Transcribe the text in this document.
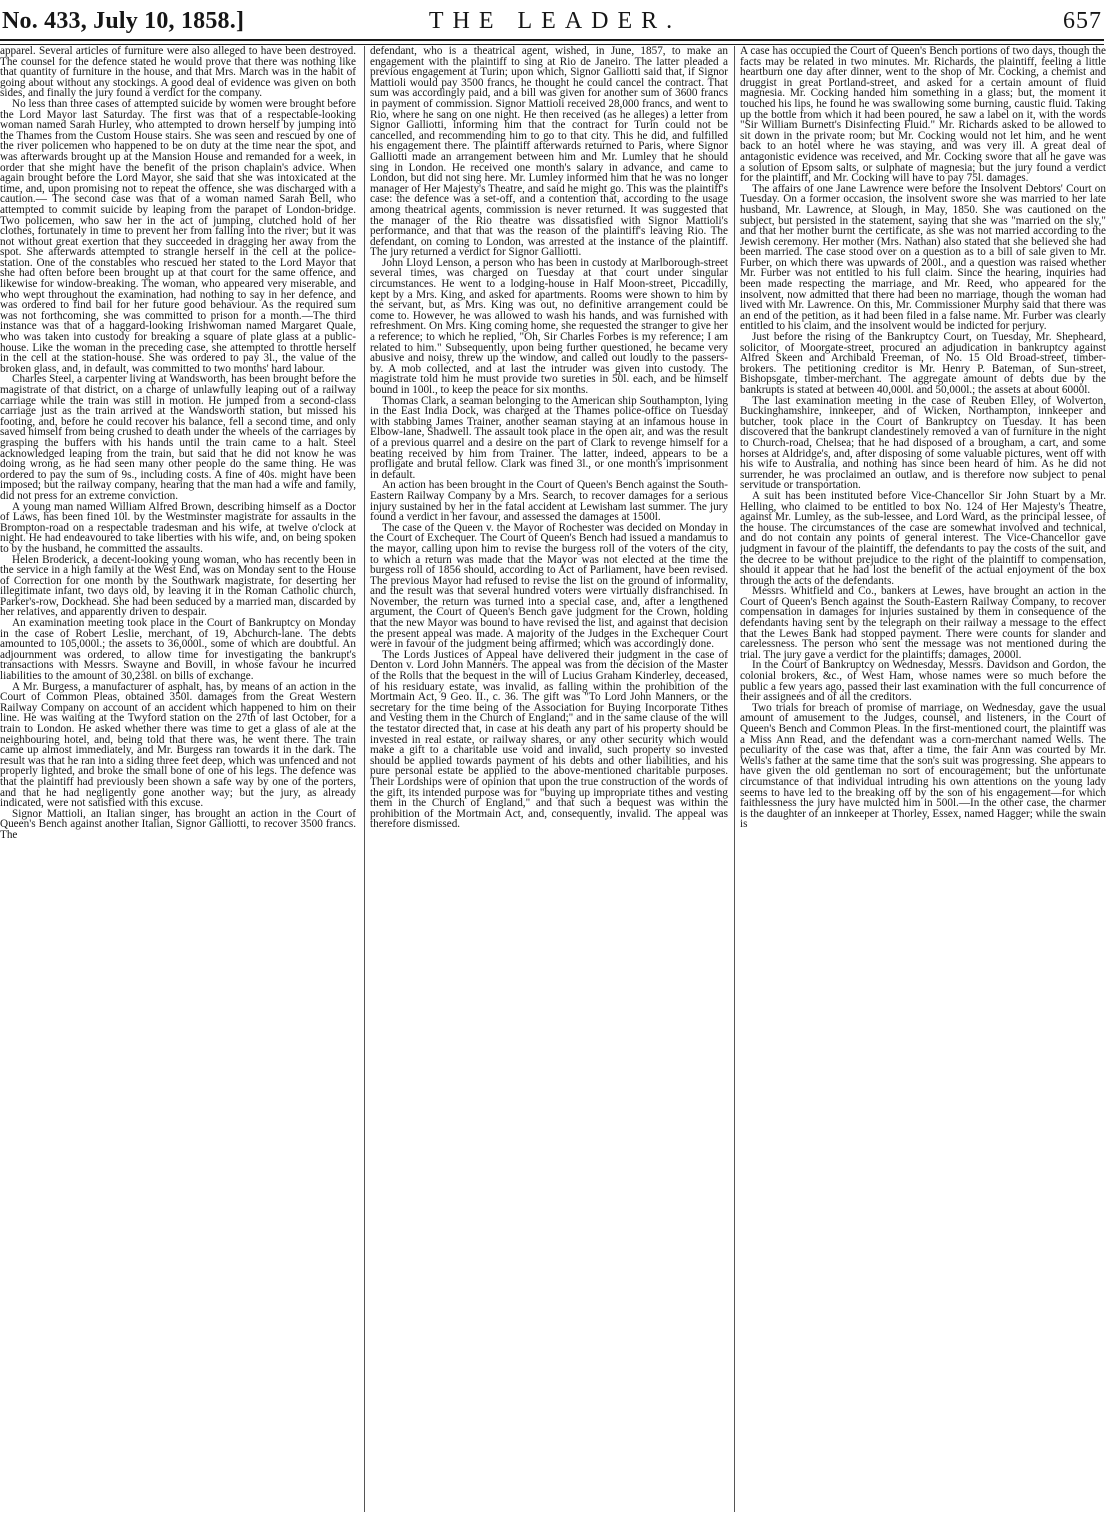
No. 433, July 10, 1858.]	THE LEADER.	657

apparel. Several articles of furniture were also alleged to have been destroyed. The counsel for the defence stated he would prove that there was nothing like that quantity of furniture in the house, and that Mrs. March was in the habit of going about without any stockings. A good deal of evidence was given on both sides, and finally the jury found a verdict for the company.

No less than three cases of attempted suicide by women were brought before the Lord Mayor last Saturday. The first was that of a respectable-looking woman named Sarah Hurley, who attempted to drown herself by jumping into the Thames from the Custom House stairs. She was seen and rescued by one of the river policemen who happened to be on duty at the time near the spot, and was afterwards brought up at the Mansion House and remanded for a week, in order that she might have the benefit of the prison chaplain's advice. When again brought before the Lord Mayor, she said that she was intoxicated at the time, and, upon promising not to repeat the offence, she was discharged with a caution.— The second case was that of a woman named Sarah Bell, who attempted to commit suicide by leaping from the parapet of London-bridge. Two policemen, who saw her in the act of jumping, clutched hold of her clothes, fortunately in time to prevent her from falling into the river; but it was not without great exertion that they succeeded in dragging her away from the spot. She afterwards attempted to strangle herself in the cell at the police-station. One of the constables who rescued her stated to the Lord Mayor that she had often before been brought up at that court for the same offence, and likewise for window-breaking. The woman, who appeared very miserable, and who wept throughout the examination, had nothing to say in her defence, and was ordered to find bail for her future good behaviour. As the required sum was not forthcoming, she was committed to prison for a month.—The third instance was that of a haggard-looking Irishwoman named Margaret Quale, who was taken into custody for breaking a square of plate glass at a public-house. Like the woman in the preceding case, she attempted to throttle herself in the cell at the station-house. She was ordered to pay 3l., the value of the broken glass, and, in default, was committed to two months' hard labour.

Charles Steel, a carpenter living at Wandsworth, has been brought before the magistrate of that district, on a charge of unlawfully leaping out of a railway carriage while the train was still in motion. He jumped from a second-class carriage just as the train arrived at the Wandsworth station, but missed his footing, and, before he could recover his balance, fell a second time, and only saved himself from being crushed to death under the wheels of the carriages by grasping the buffers with his hands until the train came to a halt. Steel acknowledged leaping from the train, but said that he did not know he was doing wrong, as he had seen many other people do the same thing. He was ordered to pay the sum of 9s., including costs. A fine of 40s. might have been imposed; but the railway company, hearing that the man had a wife and family, did not press for an extreme conviction.

A young man named William Alfred Brown, describing himself as a Doctor of Laws, has been fined 10l. by the Westminster magistrate for assaults in the Brompton-road on a respectable tradesman and his wife, at twelve o'clock at night. He had endeavoured to take liberties with his wife, and, on being spoken to by the husband, he committed the assaults.

Helen Broderick, a decent-looking young woman, who has recently been in the service in a high family at the West End, was on Monday sent to the House of Correction for one month by the Southwark magistrate, for deserting her illegitimate infant, two days old, by leaving it in the Roman Catholic church, Parker's-row, Dockhead. She had been seduced by a married man, discarded by her relatives, and apparently driven to despair.

An examination meeting took place in the Court of Bankruptcy on Monday in the case of Robert Leslie, merchant, of 19, Abchurch-lane. The debts amounted to 105,000l.; the assets to 36,000l., some of which are doubtful. An adjournment was ordered, to allow time for investigating the bankrupt's transactions with Messrs. Swayne and Bovill, in whose favour he incurred liabilities to the amount of 30,238l. on bills of exchange.

A Mr. Burgess, a manufacturer of asphalt, has, by means of an action in the Court of Common Pleas, obtained 350l. damages from the Great Western Railway Company on account of an accident which happened to him on their line. He was waiting at the Twyford station on the 27th of last October, for a train to London. He asked whether there was time to get a glass of ale at the neighbouring hotel, and, being told that there was, he went there. The train came up almost immediately, and Mr. Burgess ran towards it in the dark. The result was that he ran into a siding three feet deep, which was unfenced and not properly lighted, and broke the small bone of one of his legs. The defence was that the plaintiff had previously been shown a safe way by one of the porters, and that he had negligently gone another way; but the jury, as already indicated, were not satisfied with this excuse.

Signor Mattioli, an Italian singer, has brought an action in the Court of Queen's Bench against another Italian, Signor Galliotti, to recover 3500 francs. The

defendant, who is a theatrical agent, wished, in June, 1857, to make an engagement with the plaintiff to sing at Rio de Janeiro. The latter pleaded a previous engagement at Turin; upon which, Signor Galliotti said that, if Signor Mattioli would pay 3500 francs, he thought he could cancel the contract. That sum was accordingly paid, and a bill was given for another sum of 3600 francs in payment of commission. Signor Mattioli received 28,000 francs, and went to Rio, where he sang on one night. He then received (as he alleges) a letter from Signor Galliotti, informing him that the contract for Turin could not be cancelled, and recommending him to go to that city. This he did, and fulfilled his engagement there. The plaintiff afterwards returned to Paris, where Signor Galliotti made an arrangement between him and Mr. Lumley that he should sing in London. He received one month's salary in advance, and came to London, but did not sing here. Mr. Lumley informed him that he was no longer manager of Her Majesty's Theatre, and said he might go. This was the plaintiff's case: the defence was a set-off, and a contention that, according to the usage among theatrical agents, commission is never returned. It was suggested that the manager of the Rio theatre was dissatisfied with Signor Mattioli's performance, and that that was the reason of the plaintiff's leaving Rio. The defendant, on coming to London, was arrested at the instance of the plaintiff. The jury returned a verdict for Signor Galliotti.

John Lloyd Lenson, a person who has been in custody at Marlborough-street several times, was charged on Tuesday at that court under singular circumstances. He went to a lodging-house in Half Moon-street, Piccadilly, kept by a Mrs. King, and asked for apartments. Rooms were shown to him by the servant, but, as Mrs. King was out, no definitive arrangement could be come to. However, he was allowed to wash his hands, and was furnished with refreshment. On Mrs. King coming home, she requested the stranger to give her a reference; to which he replied, "Oh, Sir Charles Forbes is my reference; I am related to him." Subsequently, upon being further questioned, he became very abusive and noisy, threw up the window, and called out loudly to the passers-by. A mob collected, and at last the intruder was given into custody. The magistrate told him he must provide two sureties in 50l. each, and be himself bound in 100l., to keep the peace for six months.

Thomas Clark, a seaman belonging to the American ship Southampton, lying in the East India Dock, was charged at the Thames police-office on Tuesday with stabbing James Trainer, another seaman staying at an infamous house in Elbow-lane, Shadwell. The assault took place in the open air, and was the result of a previous quarrel and a desire on the part of Clark to revenge himself for a beating received by him from Trainer. The latter, indeed, appears to be a profligate and brutal fellow. Clark was fined 3l., or one month's imprisonment in default.

An action has been brought in the Court of Queen's Bench against the South-Eastern Railway Company by a Mrs. Search, to recover damages for a serious injury sustained by her in the fatal accident at Lewisham last summer. The jury found a verdict in her favour, and assessed the damages at 1500l.

The case of the Queen v. the Mayor of Rochester was decided on Monday in the Court of Exchequer. The Court of Queen's Bench had issued a mandamus to the mayor, calling upon him to revise the burgess roll of the voters of the city, to which a return was made that the Mayor was not elected at the time the burgess roll of 1856 should, according to Act of Parliament, have been revised. The previous Mayor had refused to revise the list on the ground of informality, and the result was that several hundred voters were virtually disfranchised. In November, the return was turned into a special case, and, after a lengthened argument, the Court of Queen's Bench gave judgment for the Crown, holding that the new Mayor was bound to have revised the list, and against that decision the present appeal was made. A majority of the Judges in the Exchequer Court were in favour of the judgment being affirmed; which was accordingly done.

The Lords Justices of Appeal have delivered their judgment in the case of Denton v. Lord John Manners. The appeal was from the decision of the Master of the Rolls that the bequest in the will of Lucius Graham Kinderley, deceased, of his residuary estate, was invalid, as falling within the prohibition of the Mortmain Act, 9 Geo. II., c. 36. The gift was "To Lord John Manners, or the secretary for the time being of the Association for Buying Incorporate Tithes and Vesting them in the Church of England;" and in the same clause of the will the testator directed that, in case at his death any part of his property should be invested in real estate, or railway shares, or any other security which would make a gift to a charitable use void and invalid, such property so invested should be applied towards payment of his debts and other liabilities, and his pure personal estate be applied to the above-mentioned charitable purposes. Their Lordships were of opinion that upon the true construction of the words of the gift, its intended purpose was for "buying up impropriate tithes and vesting them in the Church of England," and that such a bequest was within the prohibition of the Mortmain Act, and, consequently, invalid. The appeal was therefore dismissed.

A case has occupied the Court of Queen's Bench portions of two days, though the facts may be related in two minutes. Mr. Richards, the plaintiff, feeling a little heartburn one day after dinner, went to the shop of Mr. Cocking, a chemist and druggist in great Portland-street, and asked for a certain amount of fluid magnesia. Mr. Cocking handed him something in a glass; but, the moment it touched his lips, he found he was swallowing some burning, caustic fluid. Taking up the bottle from which it had been poured, he saw a label on it, with the words "Sir William Burnett's Disinfecting Fluid." Mr. Richards asked to be allowed to sit down in the private room; but Mr. Cocking would not let him, and he went back to an hotel where he was staying, and was very ill. A great deal of antagonistic evidence was received, and Mr. Cocking swore that all he gave was a solution of Epsom salts, or sulphate of magnesia; but the jury found a verdict for the plaintiff, and Mr. Cocking will have to pay 75l. damages.

The affairs of one Jane Lawrence were before the Insolvent Debtors' Court on Tuesday. On a former occasion, the insolvent swore she was married to her late husband, Mr. Lawrence, at Slough, in May, 1850. She was cautioned on the subject, but persisted in the statement, saying that she was "married on the sly," and that her mother burnt the certificate, as she was not married according to the Jewish ceremony. Her mother (Mrs. Nathan) also stated that she believed she had been married. The case stood over on a question as to a bill of sale given to Mr. Furber, on which there was upwards of 200l., and a question was raised whether Mr. Furber was not entitled to his full claim. Since the hearing, inquiries had been made respecting the marriage, and Mr. Reed, who appeared for the insolvent, now admitted that there had been no marriage, though the woman had lived with Mr. Lawrence. On this, Mr. Commissioner Murphy said that there was an end of the petition, as it had been filed in a false name. Mr. Furber was clearly entitled to his claim, and the insolvent would be indicted for perjury.

Just before the rising of the Bankruptcy Court, on Tuesday, Mr. Shepheard, solicitor, of Moorgate-street, procured an adjudication in bankruptcy against Alfred Skeen and Archibald Freeman, of No. 15 Old Broad-street, timber-brokers. The petitioning creditor is Mr. Henry P. Bateman, of Sun-street, Bishopsgate, timber-merchant. The aggregate amount of debts due by the bankrupts is stated at between 40,000l. and 50,000l.; the assets at about 6000l.

The last examination meeting in the case of Reuben Elley, of Wolverton, Buckinghamshire, innkeeper, and of Wicken, Northampton, innkeeper and butcher, took place in the Court of Bankruptcy on Tuesday. It has been discovered that the bankrupt clandestinely removed a van of furniture in the night to Church-road, Chelsea; that he had disposed of a brougham, a cart, and some horses at Aldridge's, and, after disposing of some valuable pictures, went off with his wife to Australia, and nothing has since been heard of him. As he did not surrender, he was proclaimed an outlaw, and is therefore now subject to penal servitude or transportation.

A suit has been instituted before Vice-Chancellor Sir John Stuart by a Mr. Helling, who claimed to be entitled to box No. 124 of Her Majesty's Theatre, against Mr. Lumley, as the sub-lessee, and Lord Ward, as the principal lessee, of the house. The circumstances of the case are somewhat involved and technical, and do not contain any points of general interest. The Vice-Chancellor gave judgment in favour of the plaintiff, the defendants to pay the costs of the suit, and the decree to be without prejudice to the right of the plaintiff to compensation, should it appear that he had lost the benefit of the actual enjoyment of the box through the acts of the defendants.

Messrs. Whitfield and Co., bankers at Lewes, have brought an action in the Court of Queen's Bench against the South-Eastern Railway Company, to recover compensation in damages for injuries sustained by them in consequence of the defendants having sent by the telegraph on their railway a message to the effect that the Lewes Bank had stopped payment. There were counts for slander and carelessness. The person who sent the message was not mentioned during the trial. The jury gave a verdict for the plaintiffs; damages, 2000l.

In the Court of Bankruptcy on Wednesday, Messrs. Davidson and Gordon, the colonial brokers, &c., of West Ham, whose names were so much before the public a few years ago, passed their last examination with the full concurrence of their assignees and of all the creditors.

Two trials for breach of promise of marriage, on Wednesday, gave the usual amount of amusement to the Judges, counsel, and listeners, in the Court of Queen's Bench and Common Pleas. In the first-mentioned court, the plaintiff was a Miss Ann Read, and the defendant was a corn-merchant named Wells. The peculiarity of the case was that, after a time, the fair Ann was courted by Mr. Wells's father at the same time that the son's suit was progressing. She appears to have given the old gentleman no sort of encouragement; but the unfortunate circumstance of that individual intruding his own attentions on the young lady seems to have led to the breaking off by the son of his engagement—for which faithlessness the jury have mulcted him in 500l.—In the other case, the charmer is the daughter of an innkeeper at Thorley, Essex, named Hagger; while the swain is
